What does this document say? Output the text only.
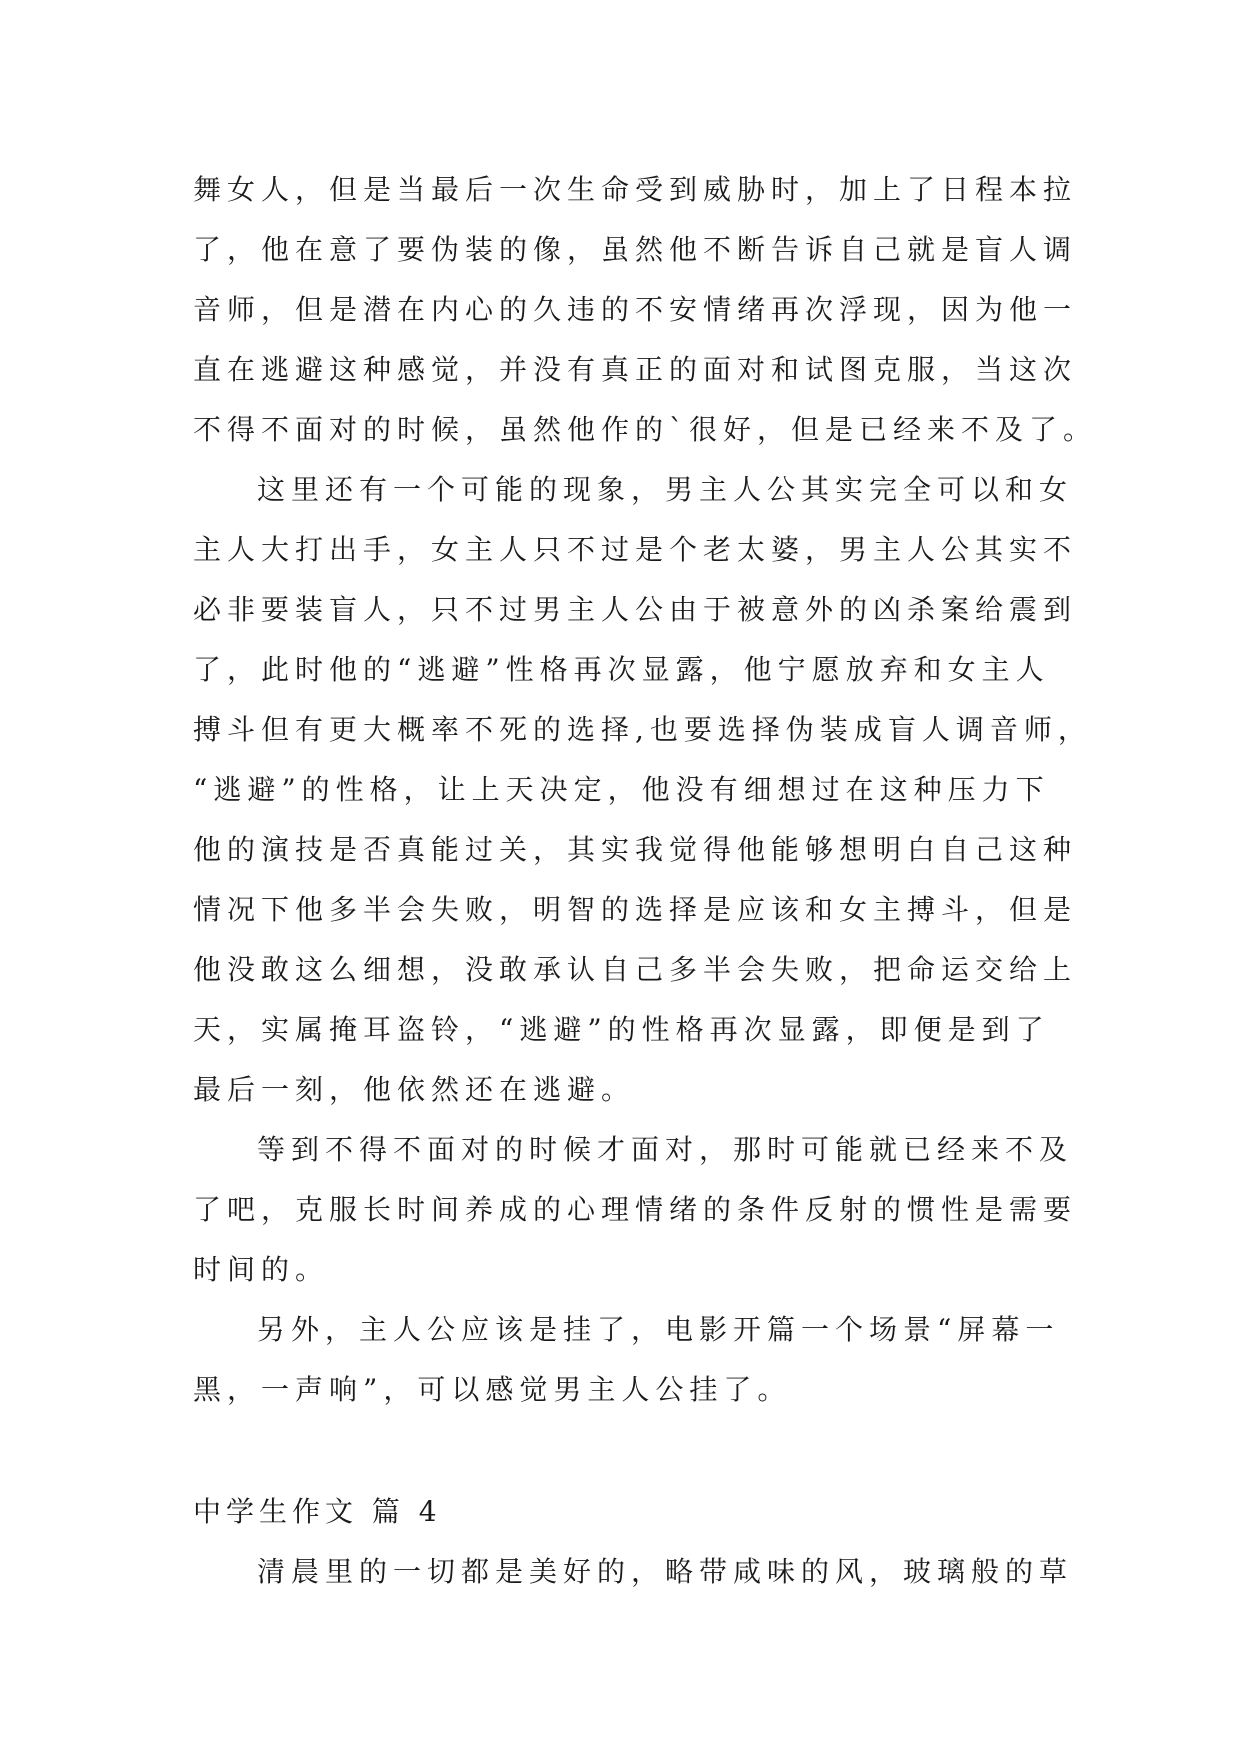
舞女人，但是当最后一次生命受到威胁时，加上了日程本拉
了，他在意了要伪装的像，虽然他不断告诉自己就是盲人调
音师，但是潜在内心的久违的不安情绪再次浮现，因为他一
直在逃避这种感觉，并没有真正的面对和试图克服，当这次
不得不面对的时候，虽然他作的`很好，但是已经来不及了。
这里还有一个可能的现象，男主人公其实完全可以和女
主人大打出手，女主人只不过是个老太婆，男主人公其实不
必非要装盲人，只不过男主人公由于被意外的凶杀案给震到
了，此时他的“逃避”性格再次显露，他宁愿放弃和女主人
搏斗但有更大概率不死的选择,也要选择伪装成盲人调音师，
“逃避”的性格，让上天决定，他没有细想过在这种压力下
他的演技是否真能过关，其实我觉得他能够想明白自己这种
情况下他多半会失败，明智的选择是应该和女主搏斗，但是
他没敢这么细想，没敢承认自己多半会失败，把命运交给上
天，实属掩耳盗铃，“逃避”的性格再次显露，即便是到了
最后一刻，他依然还在逃避。
等到不得不面对的时候才面对，那时可能就已经来不及
了吧，克服长时间养成的心理情绪的条件反射的惯性是需要
时间的。
另外，主人公应该是挂了，电影开篇一个场景“屏幕一
黑，一声响”，可以感觉男主人公挂了。
中学生作文 篇 4
清晨里的一切都是美好的，略带咸味的风，玻璃般的草
